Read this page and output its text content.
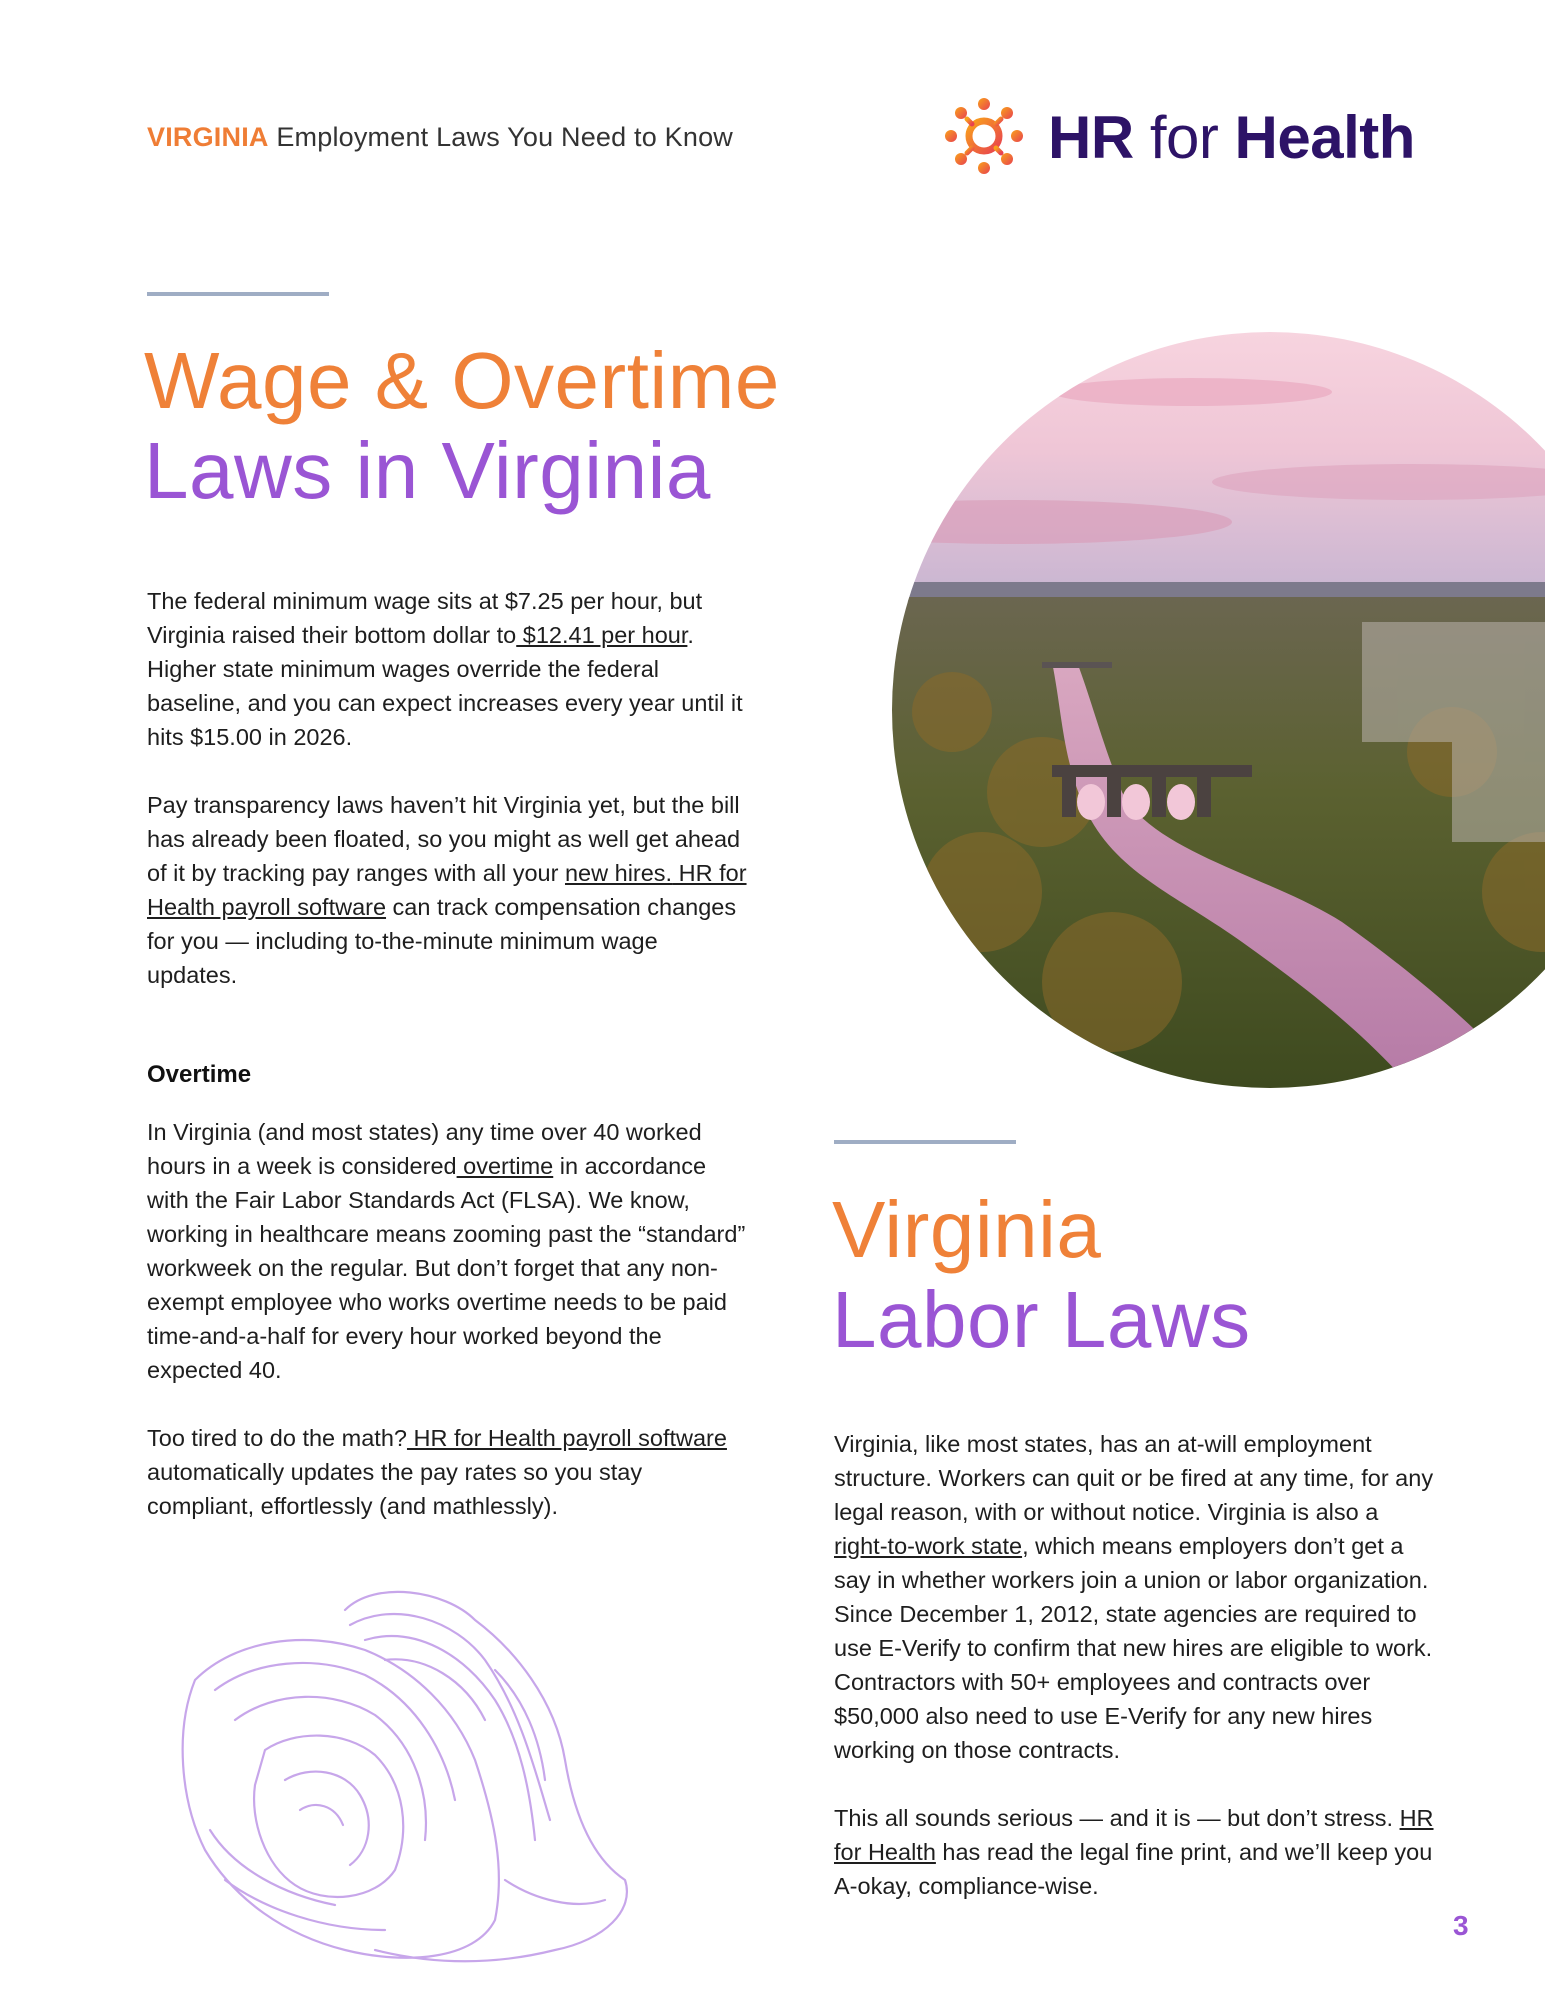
VIRGINIA Employment Laws You Need to Know	HR for Health
Wage & Overtime
Laws in Virginia

The federal minimum wage sits at $7.25 per hour, but Virginia raised their bottom dollar to $12.41 per hour. Higher state minimum wages override the federal baseline, and you can expect increases every year until it hits $15.00 in 2026.

Pay transparency laws haven’t hit Virginia yet, but the bill has already been floated, so you might as well get ahead of it by tracking pay ranges with all your new hires. HR for Health payroll software can track compensation changes for you — including to-the-minute minimum wage updates.

Overtime

In Virginia (and most states) any time over 40 worked hours in a week is considered overtime in accordance with the Fair Labor Standards Act (FLSA). We know, working in healthcare means zooming past the “standard” workweek on the regular. But don’t forget that any non-exempt employee who works overtime needs to be paid time-and-a-half for every hour worked beyond the expected 40.

Too tired to do the math? HR for Health payroll software automatically updates the pay rates so you stay compliant, effortlessly (and mathlessly).

Virginia
Labor Laws

Virginia, like most states, has an at-will employment structure. Workers can quit or be fired at any time, for any legal reason, with or without notice. Virginia is also a right-to-work state, which means employers don’t get a say in whether workers join a union or labor organization. Since December 1, 2012, state agencies are required to use E-Verify to confirm that new hires are eligible to work. Contractors with 50+ employees and contracts over $50,000 also need to use E-Verify for any new hires working on those contracts.

This all sounds serious — and it is — but don’t stress. HR for Health has read the legal fine print, and we’ll keep you A-okay, compliance-wise.

3
